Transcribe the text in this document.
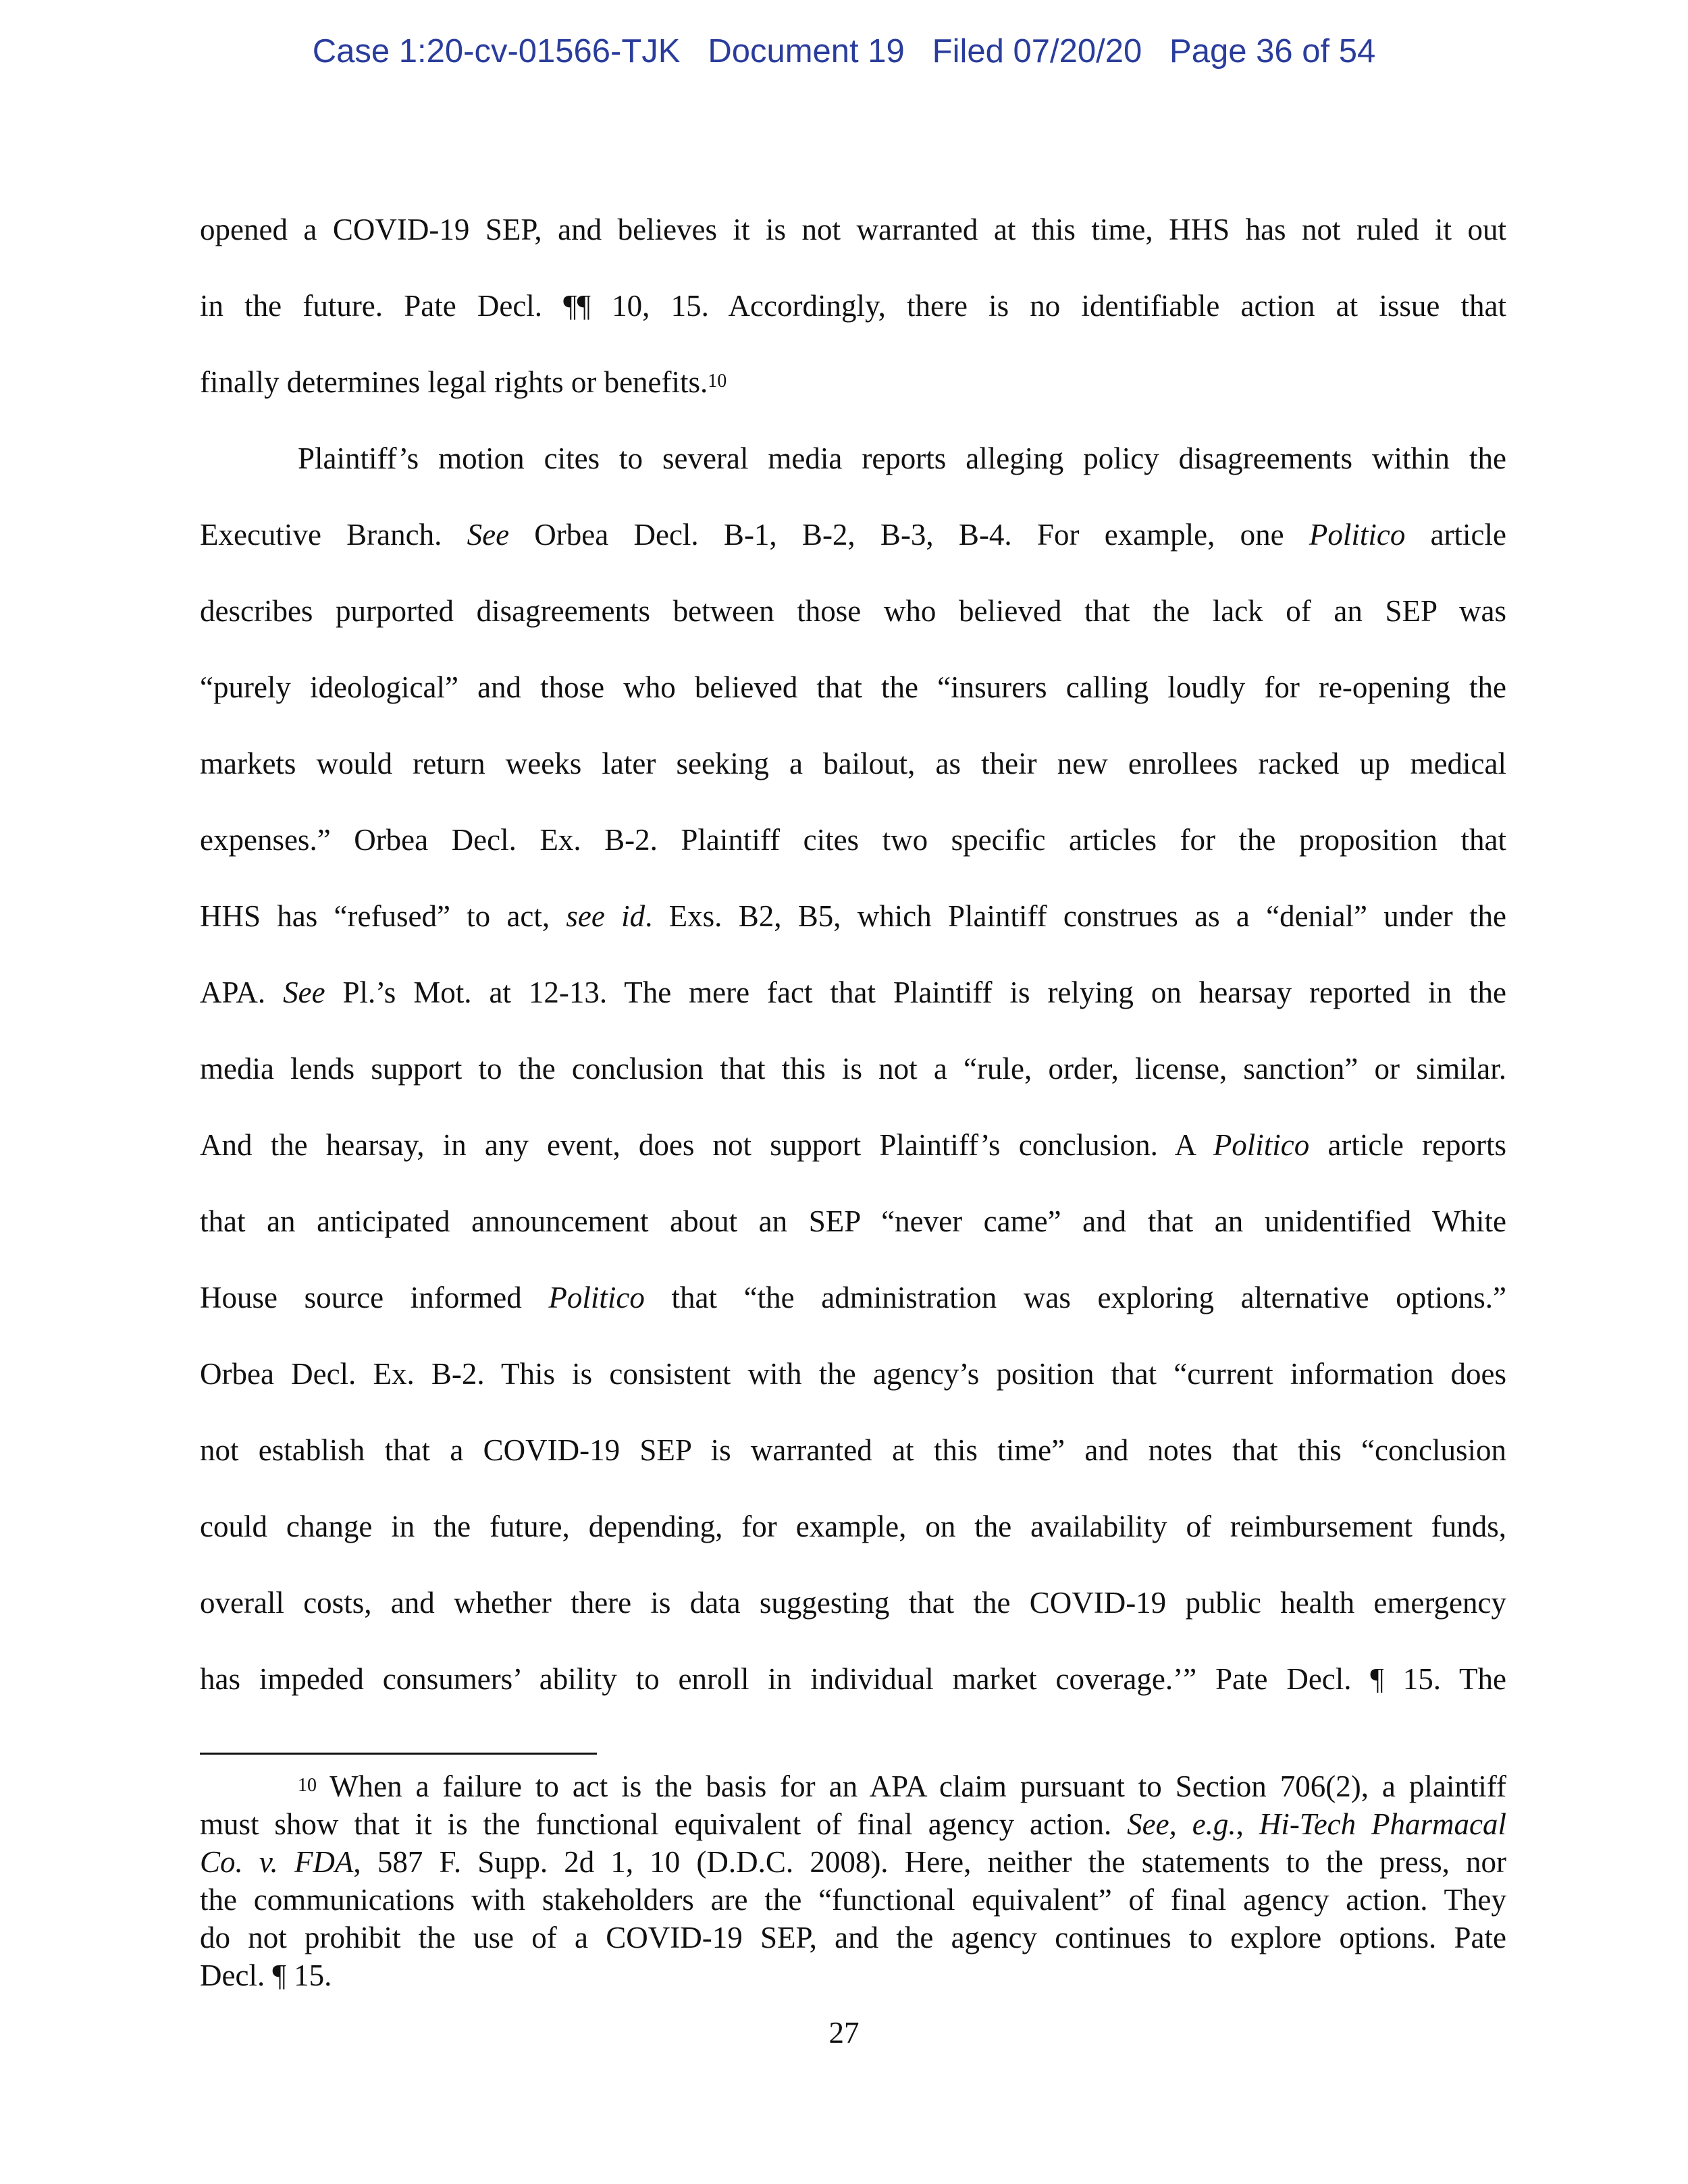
Case 1:20-cv-01566-TJK Document 19 Filed 07/20/20 Page 36 of 54

opened a COVID-19 SEP, and believes it is not warranted at this time, HHS has not ruled it out

in the future. Pate Decl. ¶¶ 10, 15. Accordingly, there is no identifiable action at issue that

finally determines legal rights or benefits.$^{10}$

Plaintiff’s motion cites to several media reports alleging policy disagreements within the

Executive Branch. See Orbea Decl. B-1, B-2, B-3, B-4. For example, one Politico article

describes purported disagreements between those who believed that the lack of an SEP was

“purely ideological” and those who believed that the “insurers calling loudly for re-opening the

markets would return weeks later seeking a bailout, as their new enrollees racked up medical

expenses.” Orbea Decl. Ex. B-2. Plaintiff cites two specific articles for the proposition that

HHS has “refused” to act, see id. Exs. B2, B5, which Plaintiff construes as a “denial” under the

APA. See Pl.’s Mot. at 12-13. The mere fact that Plaintiff is relying on hearsay reported in the

media lends support to the conclusion that this is not a “rule, order, license, sanction” or similar.

And the hearsay, in any event, does not support Plaintiff’s conclusion. A Politico article reports

that an anticipated announcement about an SEP “never came” and that an unidentified White

House source informed Politico that “the administration was exploring alternative options.”

Orbea Decl. Ex. B-2. This is consistent with the agency’s position that “current information does

not establish that a COVID-19 SEP is warranted at this time” and notes that this “conclusion

could change in the future, depending, for example, on the availability of reimbursement funds,

overall costs, and whether there is data suggesting that the COVID-19 public health emergency

has impeded consumers’ ability to enroll in individual market coverage.’” Pate Decl. ¶ 15. The

$^{10}$ When a failure to act is the basis for an APA claim pursuant to Section 706(2), a plaintiff

must show that it is the functional equivalent of final agency action. See, e.g., Hi-Tech Pharmacal

Co. v. FDA, 587 F. Supp. 2d 1, 10 (D.D.C. 2008). Here, neither the statements to the press, nor

the communications with stakeholders are the “functional equivalent” of final agency action. They

do not prohibit the use of a COVID-19 SEP, and the agency continues to explore options. Pate

Decl. ¶ 15.

27
